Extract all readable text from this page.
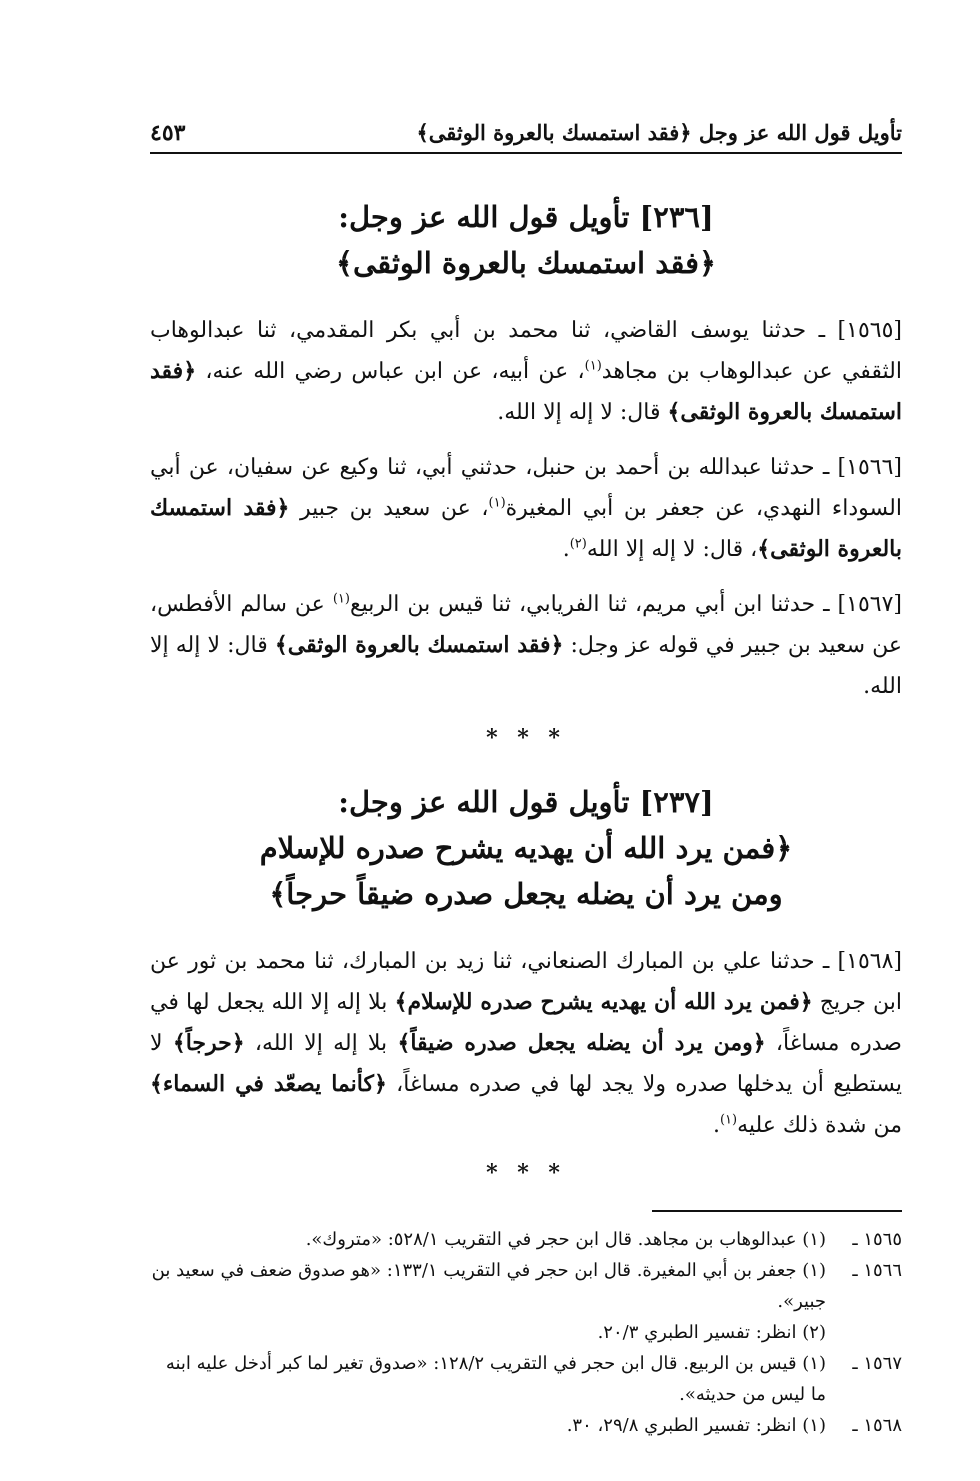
تأويل قول الله عز وجل ﴿فقد استمسك بالعروة الوثقى﴾
٤٥٣
[٢٣٦] تأويل قول الله عز وجل:
﴿فقد استمسك بالعروة الوثقى﴾

[١٥٦٥] ـ حدثنا يوسف القاضي، ثنا محمد بن أبي بكر المقدمي، ثنا عبدالوهاب الثقفي عن عبدالوهاب بن مجاهد$^{(١)}$، عن أبيه، عن ابن عباس رضي الله عنه، ﴿فقد استمسك بالعروة الوثقى﴾ قال: لا إله إلا الله.

[١٥٦٦] ـ حدثنا عبدالله بن أحمد بن حنبل، حدثني أبي، ثنا وكيع عن سفيان، عن أبي السوداء النهدي، عن جعفر بن أبي المغيرة$^{(١)}$، عن سعيد بن جبير ﴿فقد استمسك بالعروة الوثقى﴾، قال: لا إله إلا الله$^{(٢)}$.

[١٥٦٧] ـ حدثنا ابن أبي مريم، ثنا الفريابي، ثنا قيس بن الربيع$^{(١)}$ عن سالم الأفطس، عن سعيد بن جبير في قوله عز وجل: ﴿فقد استمسك بالعروة الوثقى﴾ قال: لا إله إلا الله.

* * *
[٢٣٧] تأويل قول الله عز وجل:
﴿فمن يرد الله أن يهديه يشرح صدره للإسلام
ومن يرد أن يضله يجعل صدره ضيقاً حرجاً﴾

[١٥٦٨] ـ حدثنا علي بن المبارك الصنعاني، ثنا زيد بن المبارك، ثنا محمد بن ثور عن ابن جريج ﴿فمن يرد الله أن يهديه يشرح صدره للإسلام﴾ بلا إله إلا الله يجعل لها في صدره مساغاً، ﴿ومن يرد أن يضله يجعل صدره ضيقاً﴾ بلا إله إلا الله، ﴿حرجاً﴾ لا يستطيع أن يدخلها صدره ولا يجد لها في صدره مساغاً، ﴿كأنما يصعّد في السماء﴾ من شدة ذلك عليه$^{(١)}$.

* * *
١٥٦٥ ـ
(١) عبدالوهاب بن مجاهد. قال ابن حجر في التقريب ٥٢٨/١: «متروك».
١٥٦٦ ـ
(١) جعفر بن أبي المغيرة. قال ابن حجر في التقريب ١٣٣/١: «هو صدوق ضعف في سعيد بن جبير».
(٢) انظر: تفسير الطبري ٢٠/٣.
١٥٦٧ ـ
(١) قيس بن الربيع. قال ابن حجر في التقريب ١٢٨/٢: «صدوق تغير لما كبر أدخل عليه ابنه ما ليس من حديثه».
١٥٦٨ ـ
(١) انظر: تفسير الطبري ٢٩/٨، ٣٠.
